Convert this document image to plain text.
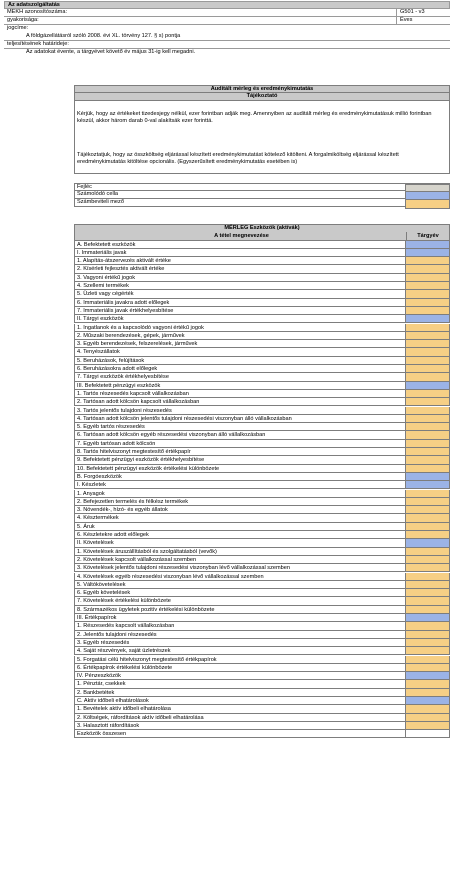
Az adatszolgáltatás
MEKH azonosítószáma:	G501 - v3
gyakorisága:	Éves
jogcíme:
A földgázellátásról szóló 2008. évi XL. törvény 127. § s) pontja
teljesítésének határideje:
Az adatokat évente, a tárgyévet követő év május 31-ig kell megadni.
Auditált mérleg és eredménykimutatás
Tájékoztató
Kérjük, hogy az értékeket tizedesjegy nélkül, ezer forintban adják meg. Amennyiben az auditált mérleg és eredménykimutatásuk millió forintban készül, akkor három darab 0-val alakítsák ezer forinttá.
Tájékoztatjuk, hogy az összköltség eljárással készített eredménykimutatást kötelező kitölteni. A forgalmiköltség eljárással készített eredménykimutatás kitöltése opcionális. (Egyszerűsített eredménykimutatás esetében is)
Fejléc
Számolódó cella
Számbeviteli mező
MÉRLEG Eszközök (aktívák)
A tétel megnevezése	Tárgyév
A. Befektetett eszközök
I. Immateriális javak
1. Alapítás-átszervezés aktivált értéke
2. Kísérleti fejlesztés aktivált értéke
3. Vagyoni értékű jogok
4. Szellemi termékek
5. Üzleti vagy cégérték
6. Immateriális javakra adott előlegek
7. Immateriális javak értékhelyesbítése
II. Tárgyi eszközök
1. Ingatlanok és a kapcsolódó vagyoni értékű jogok
2. Műszaki berendezések, gépek, járművek
3. Egyéb berendezések, felszerelések, járművek
4. Tenyészállatok
5. Beruházások, felújítások
6. Beruházásokra adott előlegek
7. Tárgyi eszközök értékhelyesbítése
III. Befektetett pénzügyi eszközök
1. Tartós részesedés kapcsolt vállalkozásban
2. Tartósan adott kölcsön kapcsolt vállalkozásban
3. Tartós jelentős tulajdoni részesedés
4. Tartósan adott kölcsön jelentős tulajdoni részesedési viszonyban álló vállalkozásban
5. Egyéb tartós részesedés
6. Tartósan adott kölcsön egyéb részesedési viszonyban álló vállalkozásban
7. Egyéb tartósan adott kölcsön
8. Tartós hitelviszonyt megtestesítő értékpapír
9. Befektetett pénzügyi eszközök értékhelyesbítése
10. Befektetett pénzügyi eszközök értékelési különbözete
B. Forgóeszközök
I. Készletek
1. Anyagok
2. Befejezetlen termelés és félkész termékek
3. Növendék-, hízó- és egyéb állatok
4. Késztermékek
5. Áruk
6. Készletekre adott előlegek
II. Követelések
1. Követelések áruszállításból és szolgáltatásból (vevők)
2. Követelések kapcsolt vállalkozással szemben
3. Követelések jelentős tulajdoni részesedési viszonyban lévő vállalkozással szemben
4. Követelések egyéb részesedési viszonyban lévő vállalkozással szemben
5. Váltókövetelések
6. Egyéb követelések
7. Követelések értékelési különbözete
8. Származékos ügyletek pozitív értékelési különbözete
III. Értékpapírok
1. Részesedés kapcsolt vállalkozásban
2. Jelentős tulajdoni részesedés
3. Egyéb részesedés
4. Saját részvények, saját üzletrészek
5. Forgatási célú hitelviszonyt megtestesítő értékpapírok
6. Értékpapírok értékelési különbözete
IV. Pénzeszközök
1. Pénztár, csekkek
2. Bankbetétek
C. Aktív időbeli elhatárolások
1. Bevételek aktív időbeli elhatárolása
2. Költségek, ráfordítások aktív időbeli elhatárolása
3. Halasztott ráfordítások
Eszközök összesen
